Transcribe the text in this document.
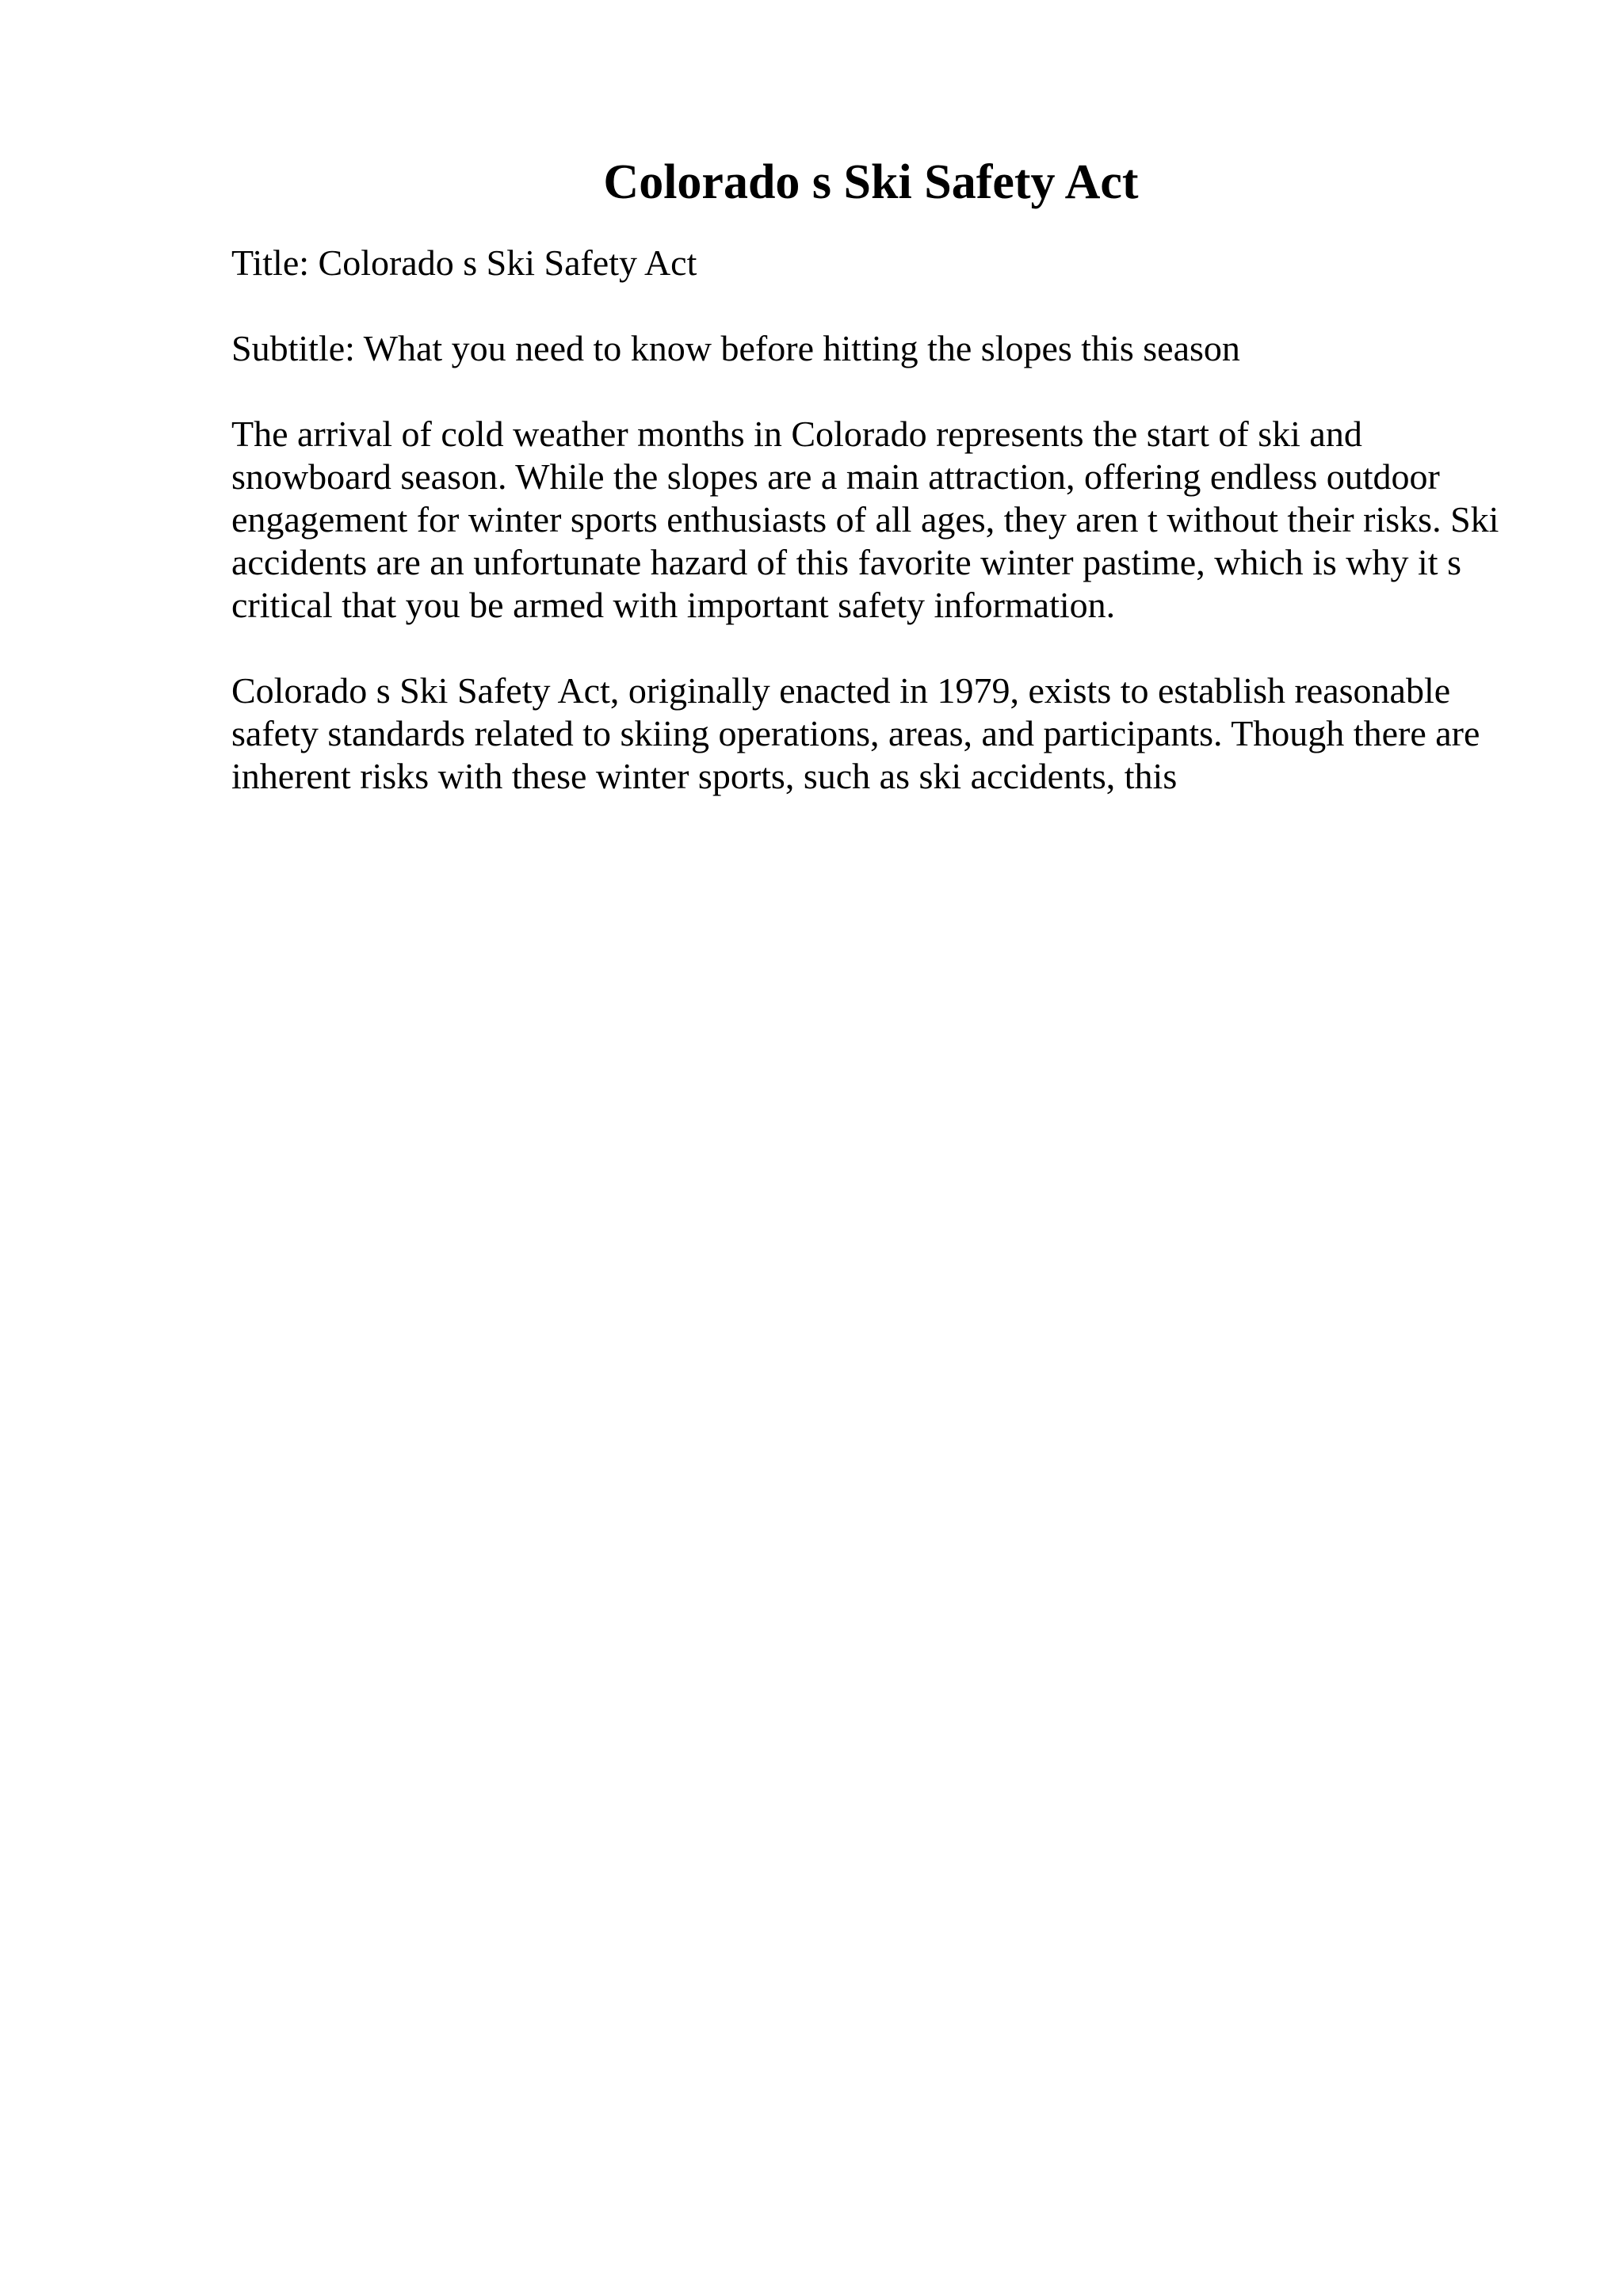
Colorado s Ski Safety Act

Title: Colorado s Ski Safety Act

Subtitle: What you need to know before hitting the slopes this season

The arrival of cold weather months in Colorado represents the start of ski and snowboard season. While the slopes are a main attraction, offering endless outdoor engagement for winter sports enthusiasts of all ages, they aren t without their risks. Ski accidents are an unfortunate hazard of this favorite winter pastime, which is why it s critical that you be armed with important safety information.

Colorado s Ski Safety Act, originally enacted in 1979, exists to establish reasonable safety standards related to skiing operations, areas, and participants. Though there are inherent risks with these winter sports, such as ski accidents, this
